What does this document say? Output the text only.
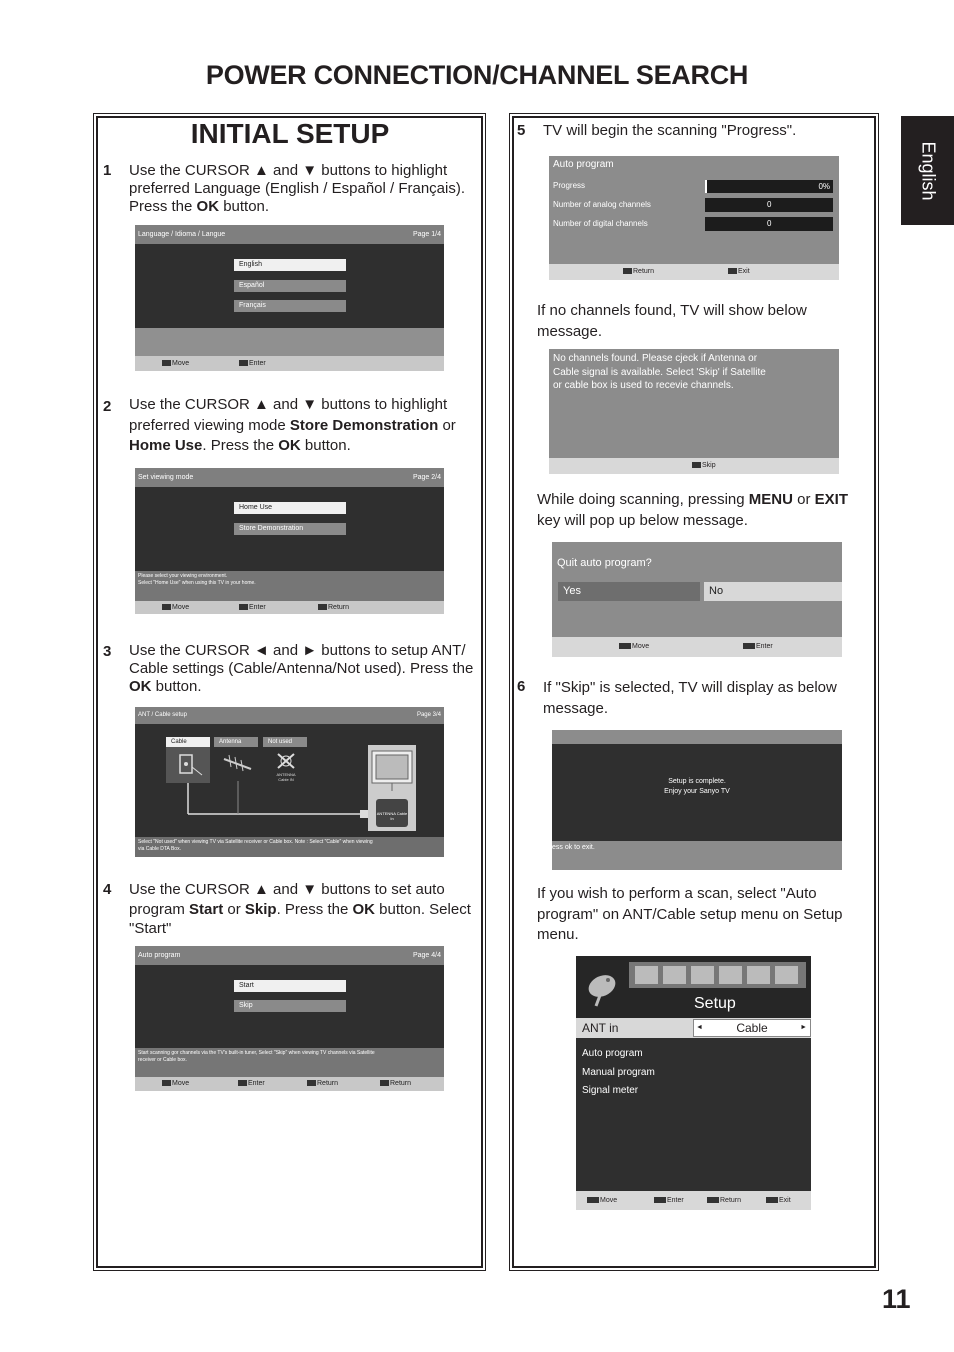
POWER CONNECTION/CHANNEL SEARCH
English
11
INITIAL SETUP
1 Use the CURSOR ▲ and ▼ buttons to highlight
preferred Language (English / Español / Français).
Press the OK button.
Language / Idioma / Langue	Page 1/4
English
Español
Français
Move	Enter
2 Use the CURSOR ▲ and ▼ buttons to highlight
preferred viewing mode Store Demonstration or
Home Use. Press the OK button.
Set viewing mode	Page 2/4
Home Use
Store Demonstration
Please select your viewing environment.
Select "Home Use" when using this TV in your home.
Move	Enter	Return
3 Use the CURSOR ◄ and ► buttons to setup ANT/
Cable settings (Cable/Antenna/Not used). Press the
OK button.
ANT / Cable setup	Page 3/4
Cable	Antenna	Not used
ANTENNA Cable IN
ANTENNA Cable In
Select "Not used" when viewing TV via Satellite receiver or Cable box. Note : Select "Cable" when viewing
via Cable DTA Box.
4 Use the CURSOR ▲ and ▼ buttons to set auto
program Start or Skip. Press the OK button. Select
"Start"
Auto program	Page 4/4
Start
Skip
Start scanning gor channels via the TV's built-in tuner, Select "Skip" when viewing TV channels via Satellite
receiver or Cable box.
Move	Enter	Return	Return
5 TV will begin the scanning "Progress".
Auto program
Progress	0%
Number of analog channels	0
Number of digital channels	0
Return	Exit
If no channels found, TV will show below
message.
No channels found. Please cjeck if Antenna or
Cable signal is available. Select 'Skip' if Satellite
or cable box is used to recevie channels.
Skip
While doing scanning, pressing MENU or EXIT
key will pop up below message.
Quit auto program?
Yes	No
Move	Enter
6 If "Skip" is selected, TV will display as below
message.
Setup is complete.
Enjoy your Sanyo TV
ess ok to exit.
If you wish to perform a scan, select "Auto
program" on ANT/Cable setup menu on Setup
menu.
Setup
ANT in	◄	Cable	►
Auto program
Manual program
Signal meter
Move	Enter	Return	Exit
